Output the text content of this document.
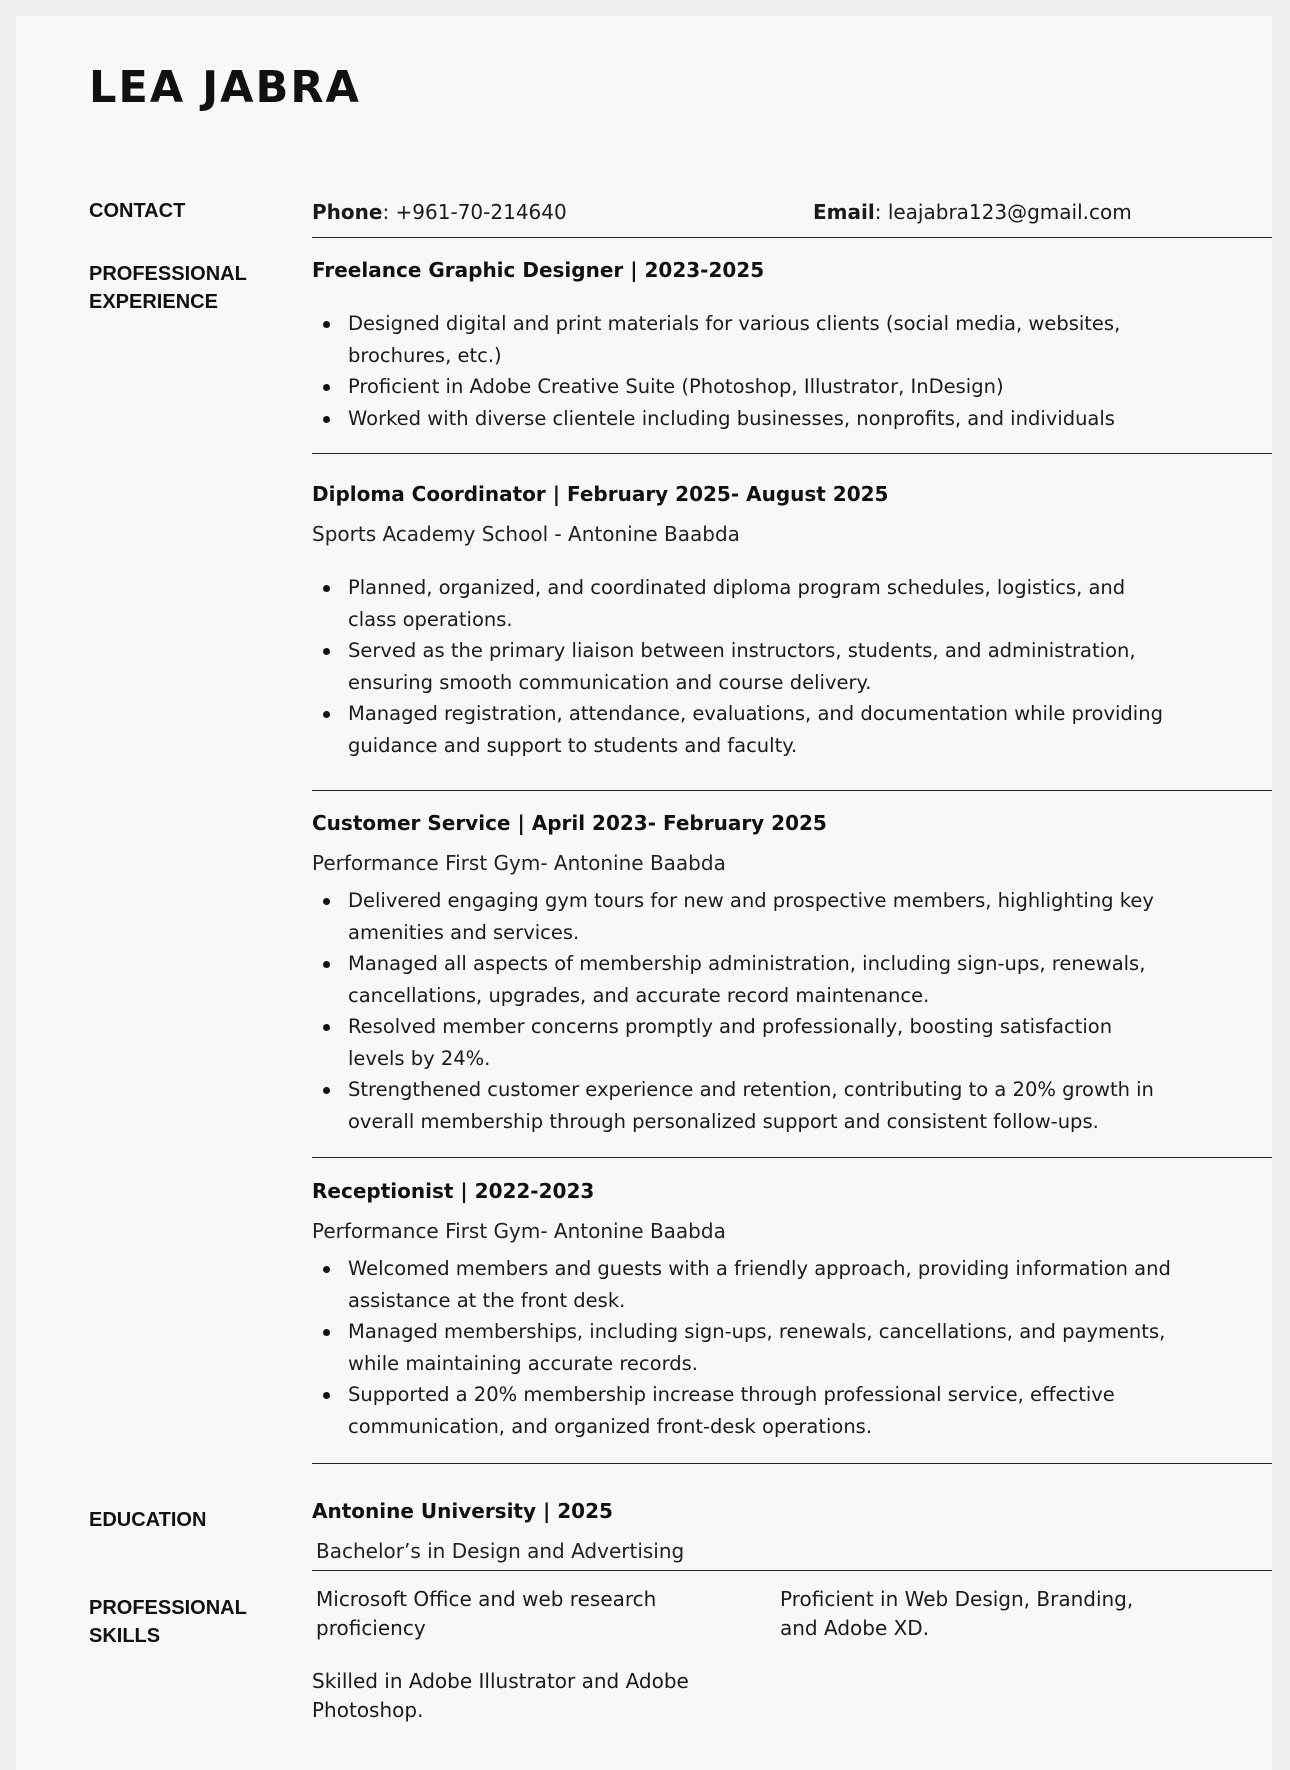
LEA JABRA
CONTACT	Phone: +961-70-214640	Email: leajabra123@gmail.com
PROFESSIONAL
EXPERIENCE

Freelance Graphic Designer | 2023-2025

Designed digital and print materials for various clients (social media, websites, brochures, etc.)
Proficient in Adobe Creative Suite (Photoshop, Illustrator, InDesign)
Worked with diverse clientele including businesses, nonprofits, and individuals

Diploma Coordinator | February 2025- August 2025

Sports Academy School - Antonine Baabda

Planned, organized, and coordinated diploma program schedules, logistics, and class operations.
Served as the primary liaison between instructors, students, and administration, ensuring smooth communication and course delivery.
Managed registration, attendance, evaluations, and documentation while providing guidance and support to students and faculty.

Customer Service | April 2023- February 2025

Performance First Gym- Antonine Baabda

Delivered engaging gym tours for new and prospective members, highlighting key amenities and services.
Managed all aspects of membership administration, including sign-ups, renewals, cancellations, upgrades, and accurate record maintenance.
Resolved member concerns promptly and professionally, boosting satisfaction levels by 24%.
Strengthened customer experience and retention, contributing to a 20% growth in overall membership through personalized support and consistent follow-ups.

Receptionist | 2022-2023

Performance First Gym- Antonine Baabda

Welcomed members and guests with a friendly approach, providing information and assistance at the front desk.
Managed memberships, including sign-ups, renewals, cancellations, and payments, while maintaining accurate records.
Supported a 20% membership increase through professional service, effective communication, and organized front-desk operations.
EDUCATION	Antonine University | 2025

Bachelor’s in Design and Advertising

PROFESSIONAL
SKILLS
Microsoft Office and web research proficiency
Proficient in Web Design, Branding, and Adobe XD.
Skilled in Adobe Illustrator and Adobe Photoshop.
